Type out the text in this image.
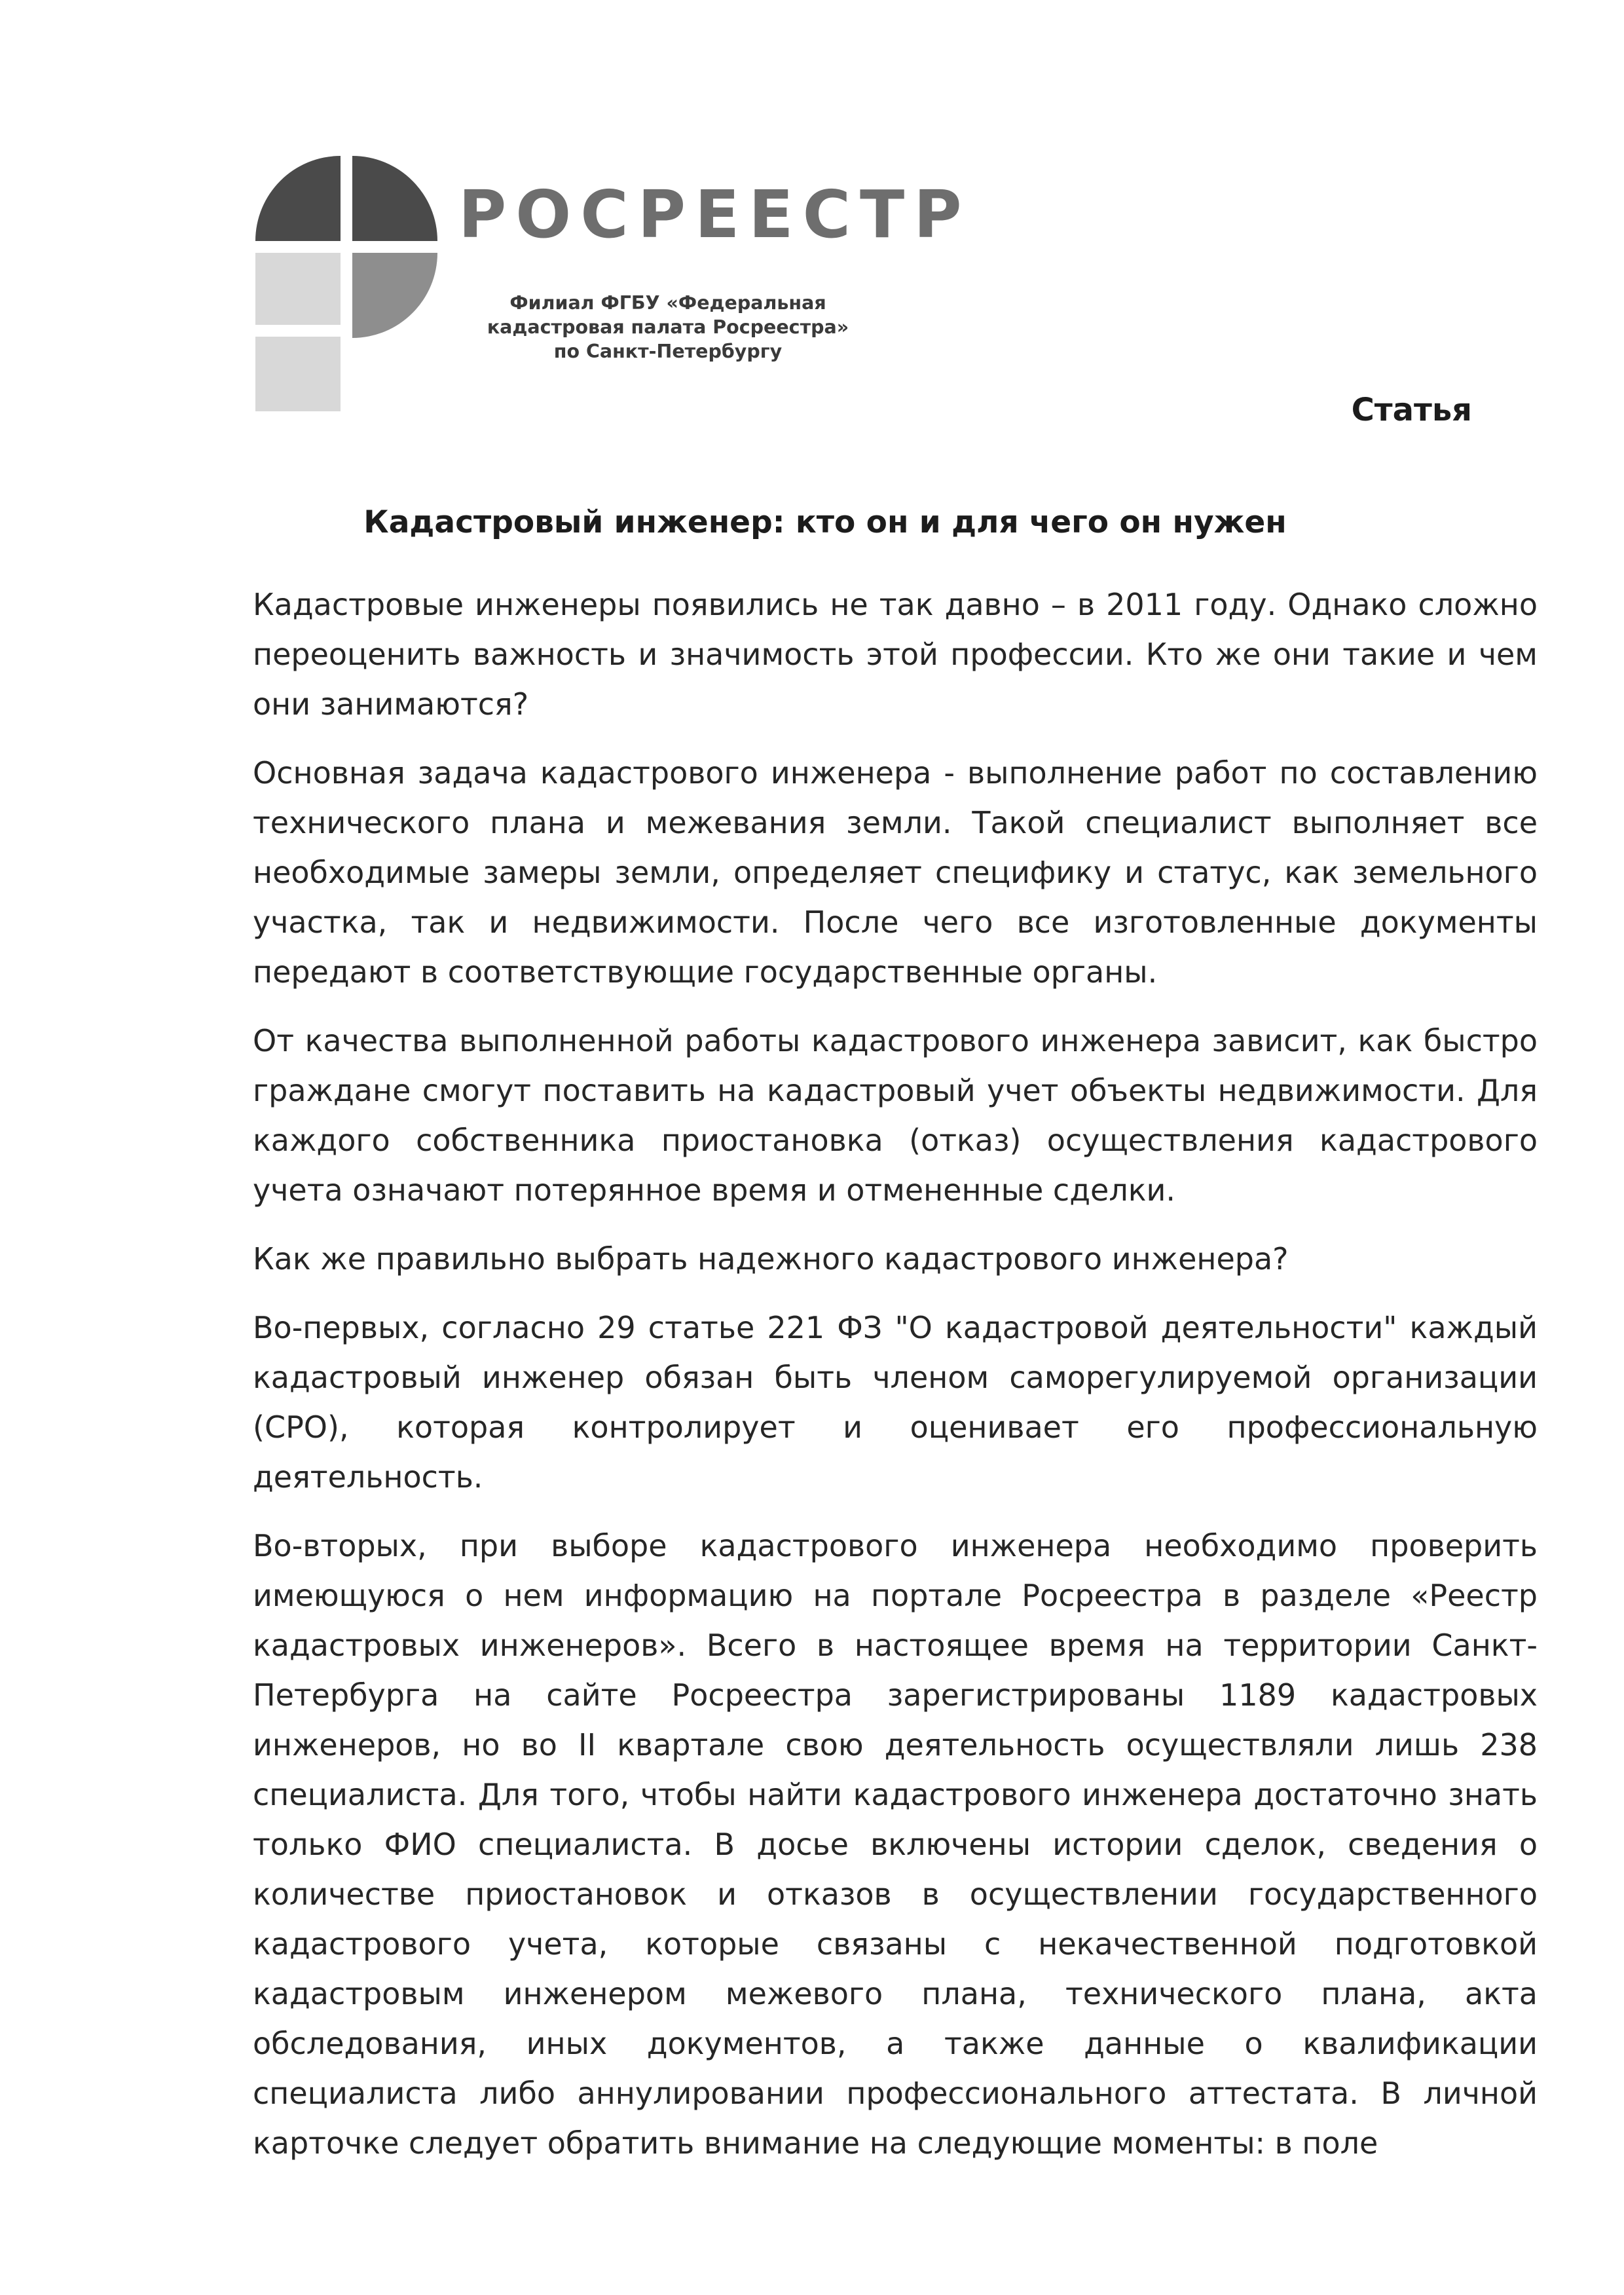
РОСРЕЕСТР
Филиал ФГБУ «Федеральная
кадастровая палата Росреестра»
по Санкт-Петербургу
Статья
Кадастровый инженер: кто он и для чего он нужен

Кадастровые инженеры появились не так давно – в 2011 году. Однако сложно переоценить важность и значимость этой профессии. Кто же они такие и чем они занимаются?

Основная задача кадастрового инженера - выполнение работ по составлению технического плана и межевания земли. Такой специалист выполняет все необходимые замеры земли, определяет специфику и статус, как земельного участка, так и недвижимости. После чего все изготовленные документы передают в соответствующие государственные органы.

От качества выполненной работы кадастрового инженера зависит, как быстро граждане смогут поставить на кадастровый учет объекты недвижимости. Для каждого собственника приостановка (отказ) осуществления кадастрового учета означают потерянное время и отмененные сделки.

Как же правильно выбрать надежного кадастрового инженера?

Во-первых, согласно 29 статье 221 ФЗ "О кадастровой деятельности" каждый кадастровый инженер обязан быть членом саморегулируемой организации (СРО), которая контролирует и оценивает его профессиональную деятельность.

Во-вторых, при выборе кадастрового инженера необходимо проверить имеющуюся о нем информацию на портале Росреестра в разделе «Реестр кадастровых инженеров». Всего в настоящее время на территории Санкт-Петербурга на сайте Росреестра зарегистрированы 1189 кадастровых инженеров, но во II квартале свою деятельность осуществляли лишь 238 специалиста. Для того, чтобы найти кадастрового инженера достаточно знать только ФИО специалиста. В досье включены истории сделок, сведения о количестве приостановок и отказов в осуществлении государственного кадастрового учета, которые связаны с некачественной подготовкой кадастровым инженером межевого плана, технического плана, акта обследования, иных документов, а также данные о квалификации специалиста либо аннулировании профессионального аттестата. В личной карточке следует обратить внимание на следующие моменты: в поле
